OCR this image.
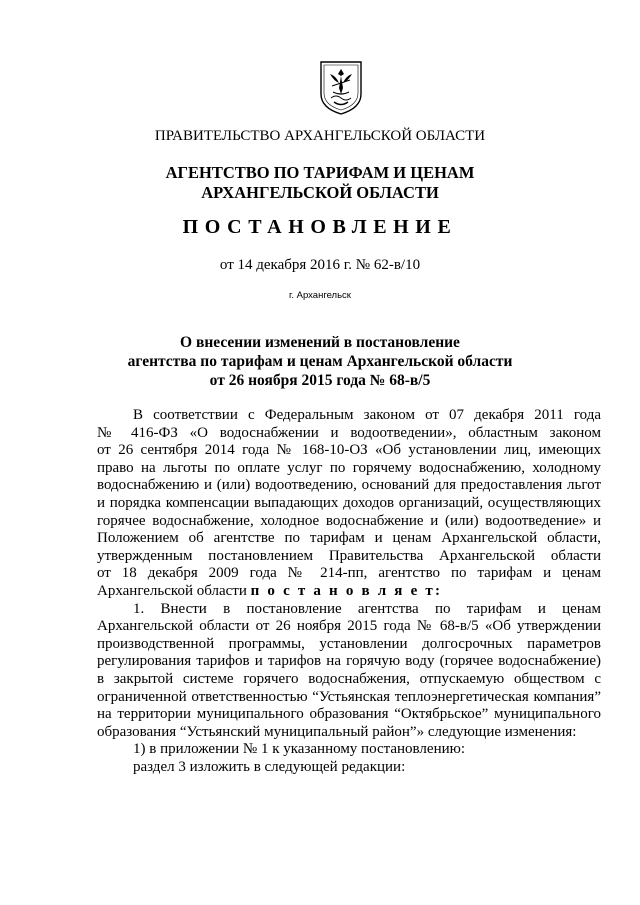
ПРАВИТЕЛЬСТВО АРХАНГЕЛЬСКОЙ ОБЛАСТИ
АГЕНТСТВО ПО ТАРИФАМ И ЦЕНАМ
АРХАНГЕЛЬСКОЙ ОБЛАСТИ
ПОСТАНОВЛЕНИЕ
от 14 декабря 2016 г. № 62-в/10
г. Архангельск
О внесении изменений в постановление
агентства по тарифам и ценам Архангельской области
от 26 ноября 2015 года № 68-в/5

В соответствии с Федеральным законом от 07 декабря 2011 года
№ 416-ФЗ «О водоснабжении и водоотведении», областным законом
от 26 сентября 2014 года № 168-10-ОЗ «Об установлении лиц, имеющих
право на льготы по оплате услуг по горячему водоснабжению, холодному
водоснабжению и (или) водоотведению, оснований для предоставления льгот
и порядка компенсации выпадающих доходов организаций, осуществляющих
горячее водоснабжение, холодное водоснабжение и (или) водоотведение» и
Положением об агентстве по тарифам и ценам Архангельской области,
утвержденным постановлением Правительства Архангельской области
от 18 декабря 2009 года № 214-пп, агентство по тарифам и ценам
Архангельской области п о с т а н о в л я е т:

1. Внести в постановление агентства по тарифам и ценам
Архангельской области от 26 ноября 2015 года № 68-в/5 «Об утверждении
производственной программы, установлении долгосрочных параметров
регулирования тарифов и тарифов на горячую воду (горячее водоснабжение)
в закрытой системе горячего водоснабжения, отпускаемую обществом с
ограниченной ответственностью “Устьянская теплоэнергетическая компания”
на территории муниципального образования “Октябрьское” муниципального
образования “Устьянский муниципальный район”» следующие изменения:

1) в приложении № 1 к указанному постановлению:

раздел 3 изложить в следующей редакции:
